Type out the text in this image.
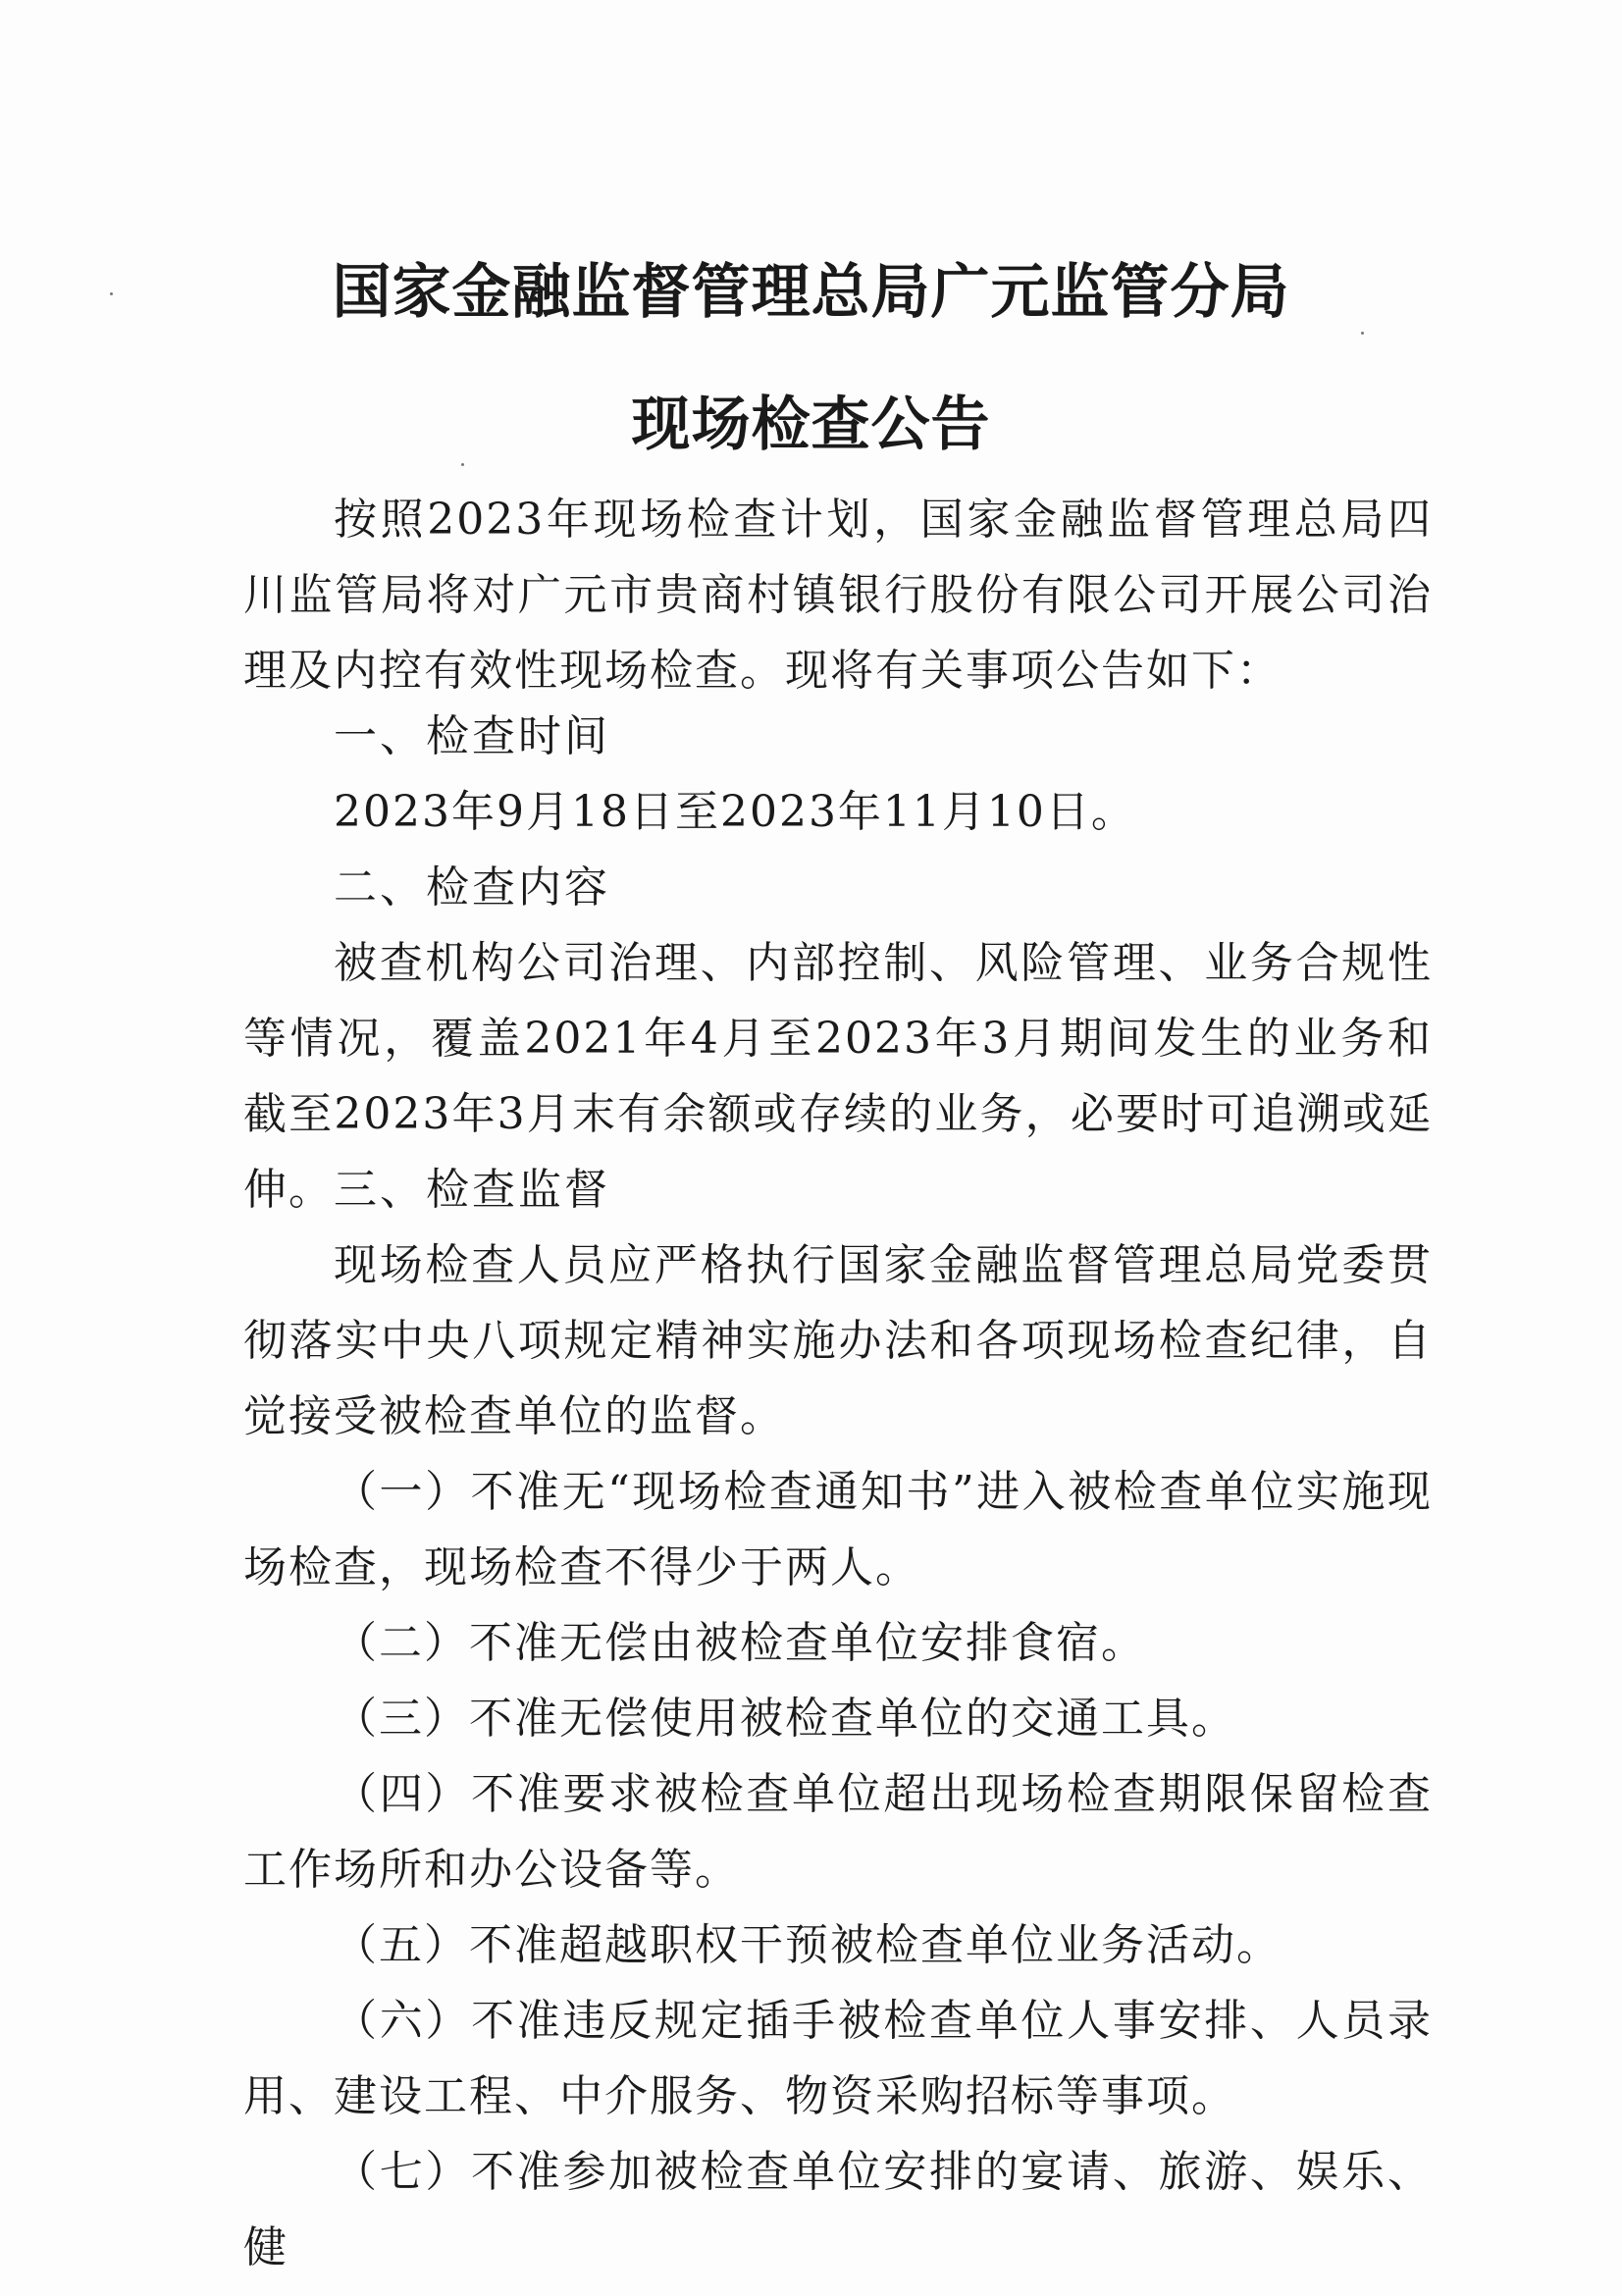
国家金融监督管理总局广元监管分局
现场检查公告
按照2023年现场检查计划，国家金融监督管理总局四川监管局将对广元市贵商村镇银行股份有限公司开展公司治理及内控有效性现场检查。现将有关事项公告如下：
一、检查时间
2023年9月18日至2023年11月10日。
二、检查内容
被查机构公司治理、内部控制、风险管理、业务合规性等情况，覆盖2021年4月至2023年3月期间发生的业务和截至2023年3月末有余额或存续的业务，必要时可追溯或延伸。 三、检查监督
现场检查人员应严格执行国家金融监督管理总局党委贯彻落实中央八项规定精神实施办法和各项现场检查纪律，自觉接受被检查单位的监督。
（一）不准无“现场检查通知书”进入被检查单位实施现场检查，现场检查不得少于两人。
（二）不准无偿由被检查单位安排食宿。
（三）不准无偿使用被检查单位的交通工具。
（四）不准要求被检查单位超出现场检查期限保留检查工作场所和办公设备等。
（五）不准超越职权干预被检查单位业务活动。
（六）不准违反规定插手被检查单位人事安排、人员录用、建设工程、中介服务、物资采购招标等事项。
（七）不准参加被检查单位安排的宴请、旅游、娱乐、健
